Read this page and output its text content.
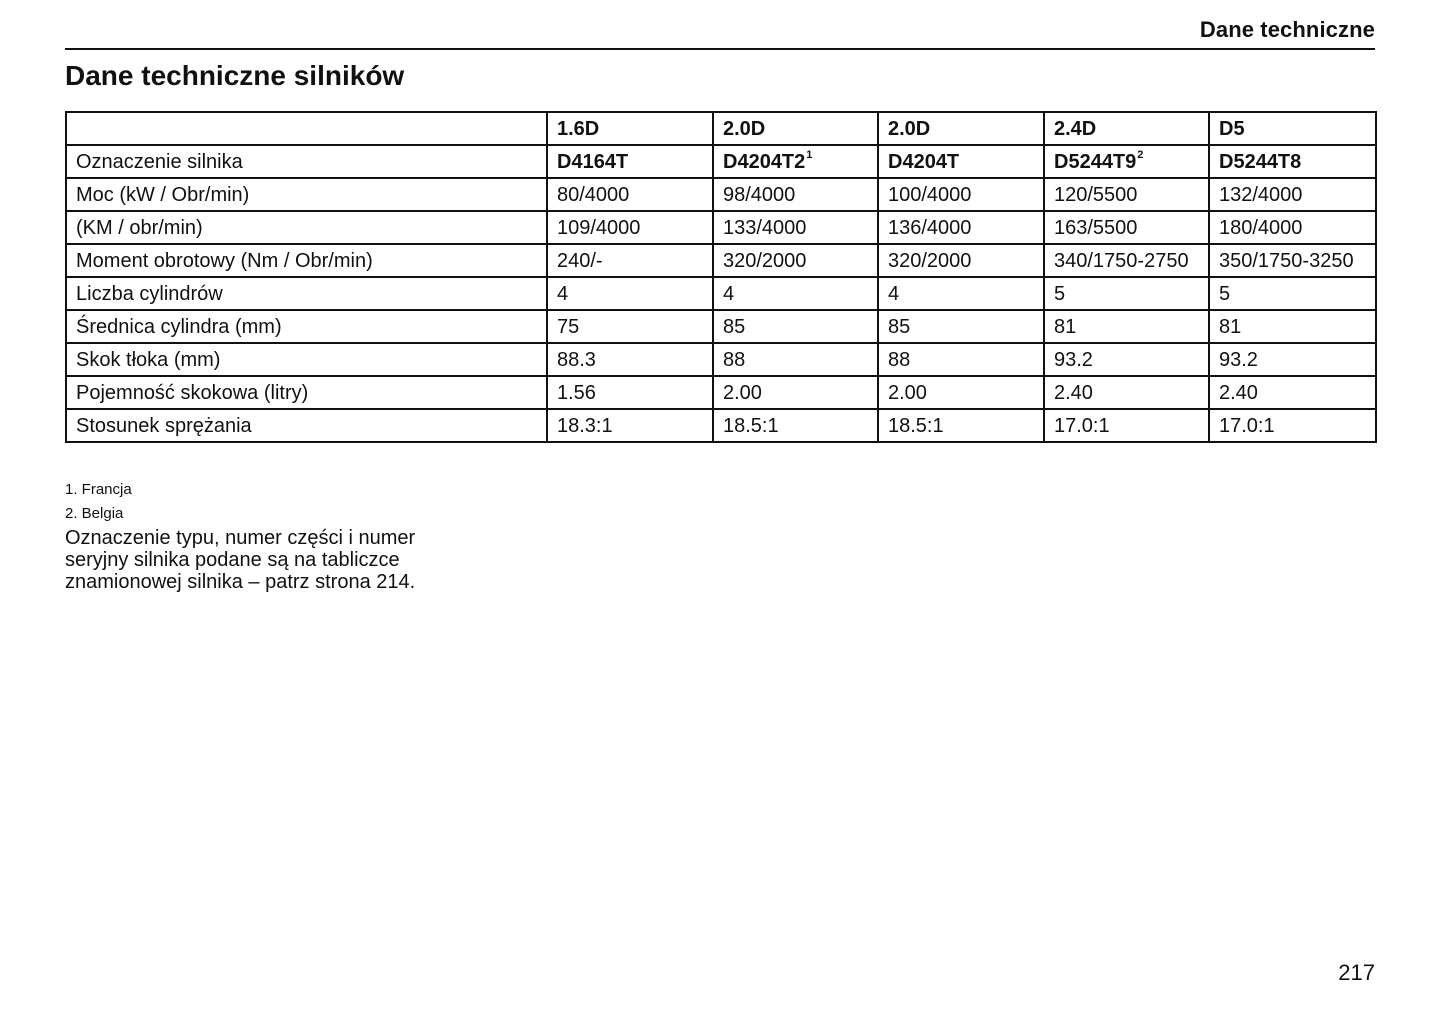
Dane techniczne
Dane techniczne silników
	1.6D	2.0D	2.0D	2.4D	D5
Oznaczenie silnika	D4164T	D4204T2$^1$	D4204T	D5244T9$^2$	D5244T8
Moc (kW / Obr/min)	80/4000	98/4000	100/4000	120/5500	132/4000
(KM / obr/min)	109/4000	133/4000	136/4000	163/5500	180/4000
Moment obrotowy (Nm / Obr/min)	240/-	320/2000	320/2000	340/1750-2750	350/1750-3250
Liczba cylindrów	4	4	4	5	5
Średnica cylindra (mm)	75	85	85	81	81
Skok tłoka (mm)	88.3	88	88	93.2	93.2
Pojemność skokowa (litry)	1.56	2.00	2.00	2.40	2.40
Stosunek sprężania	18.3:1	18.5:1	18.5:1	17.0:1	17.0:1
1. Francja
2. Belgia

Oznaczenie typu, numer części i numer seryjny silnika podane są na tabliczce znamionowej silnika – patrz strona 214.

217
